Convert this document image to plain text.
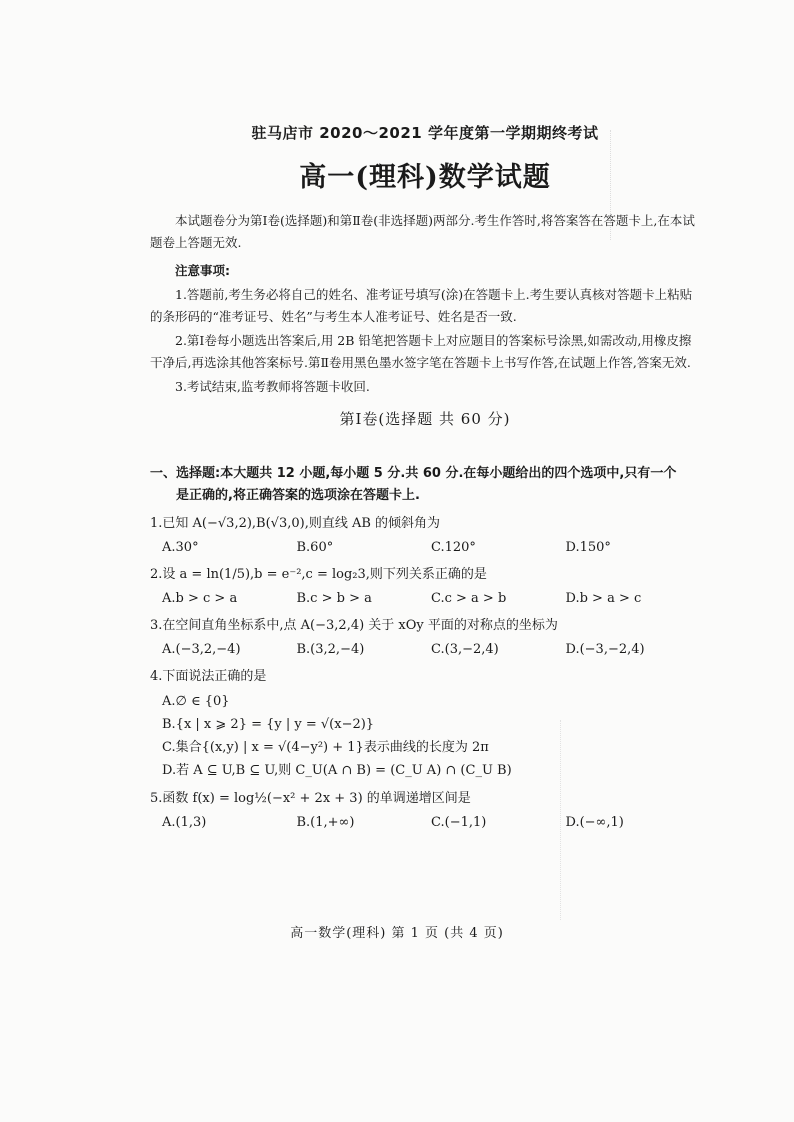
驻马店市 2020～2021 学年度第一学期期终考试

高一(理科)数学试题

本试题卷分为第Ⅰ卷(选择题)和第Ⅱ卷(非选择题)两部分.考生作答时,将答案答在答题卡上,在本试题卷上答题无效.

注意事项:

1.答题前,考生务必将自己的姓名、准考证号填写(涂)在答题卡上.考生要认真核对答题卡上粘贴的条形码的“准考证号、姓名”与考生本人准考证号、姓名是否一致.

2.第Ⅰ卷每小题选出答案后,用 2B 铅笔把答题卡上对应题目的答案标号涂黑,如需改动,用橡皮擦干净后,再选涂其他答案标号.第Ⅱ卷用黑色墨水签字笔在答题卡上书写作答,在试题上作答,答案无效.

3.考试结束,监考教师将答题卡收回.

第Ⅰ卷(选择题 共 60 分)

一、选择题:本大题共 12 小题,每小题 5 分.共 60 分.在每小题给出的四个选项中,只有一个
是正确的,将正确答案的选项涂在答题卡上.

1.已知 A(−√3,2),B(√3,0),则直线 AB 的倾斜角为

A.30°	B.60°	C.120°	D.150°

2.设 a = ln(1/5),b = e⁻²,c = log₂3,则下列关系正确的是

A.b > c > a	B.c > b > a	C.c > a > b	D.b > a > c

3.在空间直角坐标系中,点 A(−3,2,4) 关于 xOy 平面的对称点的坐标为

A.(−3,2,−4)	B.(3,2,−4)	C.(3,−2,4)	D.(−3,−2,4)

4.下面说法正确的是

A.∅ ∈ {0}
B.{x | x ⩾ 2} = {y | y = √(x−2)}
C.集合{(x,y) | x = √(4−y²) + 1}表示曲线的长度为 2π
D.若 A ⊆ U,B ⊆ U,则 C_U(A ∩ B) = (C_U A) ∩ (C_U B)

5.函数 f(x) = log½(−x² + 2x + 3) 的单调递增区间是

A.(1,3)	B.(1,+∞)	C.(−1,1)	D.(−∞,1)
高一数学(理科) 第 1 页 (共 4 页)
